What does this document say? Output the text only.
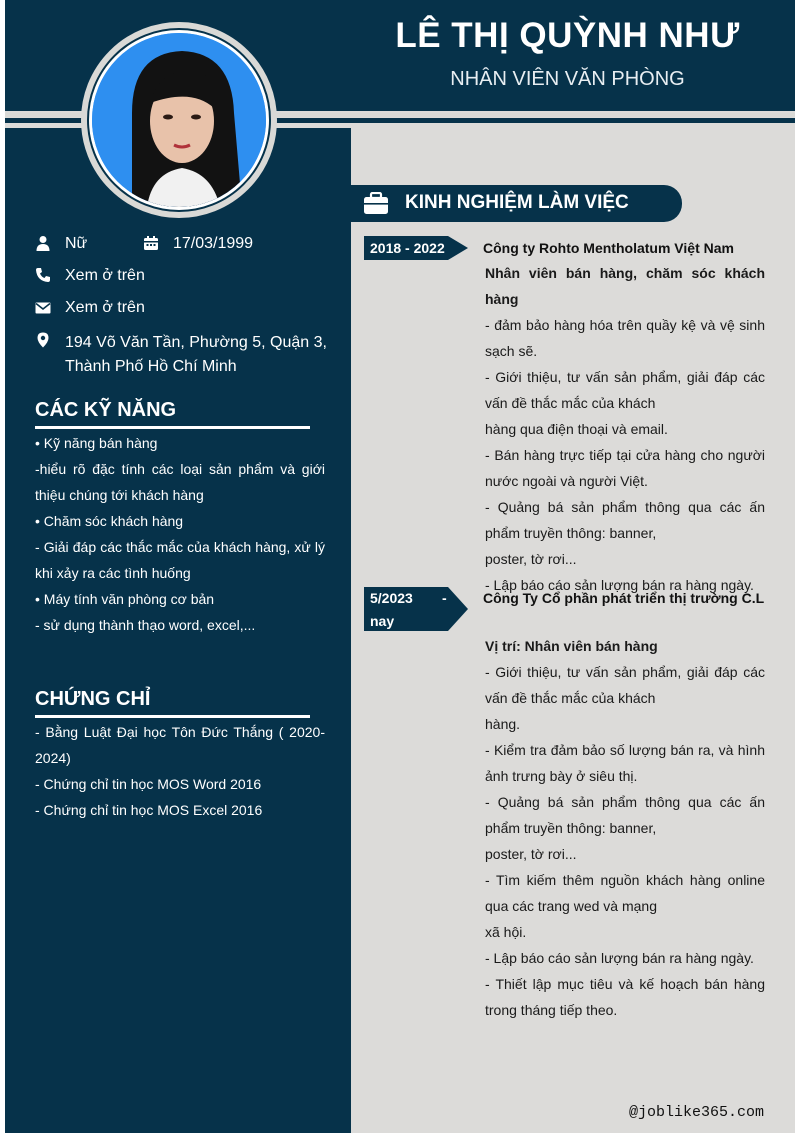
LÊ THỊ QUỲNH NHƯ
NHÂN VIÊN VĂN PHÒNG
Nữ	17/03/1999
Xem ở trên
Xem ở trên
194 Võ Văn Tần, Phường 5, Quận 3,
Thành Phố Hồ Chí Minh
CÁC KỸ NĂNG
• Kỹ năng bán hàng
-hiểu rõ đặc tính các loại sản phẩm và giới thiệu chúng tới khách hàng
• Chăm sóc khách hàng
- Giải đáp các thắc mắc của khách hàng, xử lý khi xảy ra các tình huống
• Máy tính văn phòng cơ bản
- sử dụng thành thạo word, excel,...
CHỨNG CHỈ
- Bằng Luật Đại học Tôn Đức Thắng ( 2020-2024)
- Chứng chỉ tin học MOS Word 2016
- Chứng chỉ tin học MOS Excel 2016
KINH NGHIỆM LÀM VIỆC
2018 - 2022	Công ty Rohto Mentholatum Việt Nam
Nhân viên bán hàng, chăm sóc khách hàng
- đảm bảo hàng hóa trên quầy kệ và vệ sinh sạch sẽ.
- Giới thiệu, tư vấn sản phẩm, giải đáp các vấn đề thắc mắc của khách
hàng qua điện thoại và email.
- Bán hàng trực tiếp tại cửa hàng cho người nước ngoài và người Việt.
- Quảng bá sản phẩm thông qua các ấn phẩm truyền thông: banner,
poster, tờ rơi...
- Lập báo cáo sản lượng bán ra hàng ngày.
5/2023 -
nay
Công Ty Cổ phần phát triển thị trường C.L
Vị trí: Nhân viên bán hàng
- Giới thiệu, tư vấn sản phẩm, giải đáp các vấn đề thắc mắc của khách
hàng.
- Kiểm tra đảm bảo số lượng bán ra, và hình ảnh trưng bày ở siêu thị.
- Quảng bá sản phẩm thông qua các ấn phẩm truyền thông: banner,
poster, tờ rơi...
- Tìm kiếm thêm nguồn khách hàng online qua các trang wed và mạng
xã hội.
- Lập báo cáo sản lượng bán ra hàng ngày.
- Thiết lập mục tiêu và kế hoạch bán hàng trong tháng tiếp theo.
@joblike365.com
